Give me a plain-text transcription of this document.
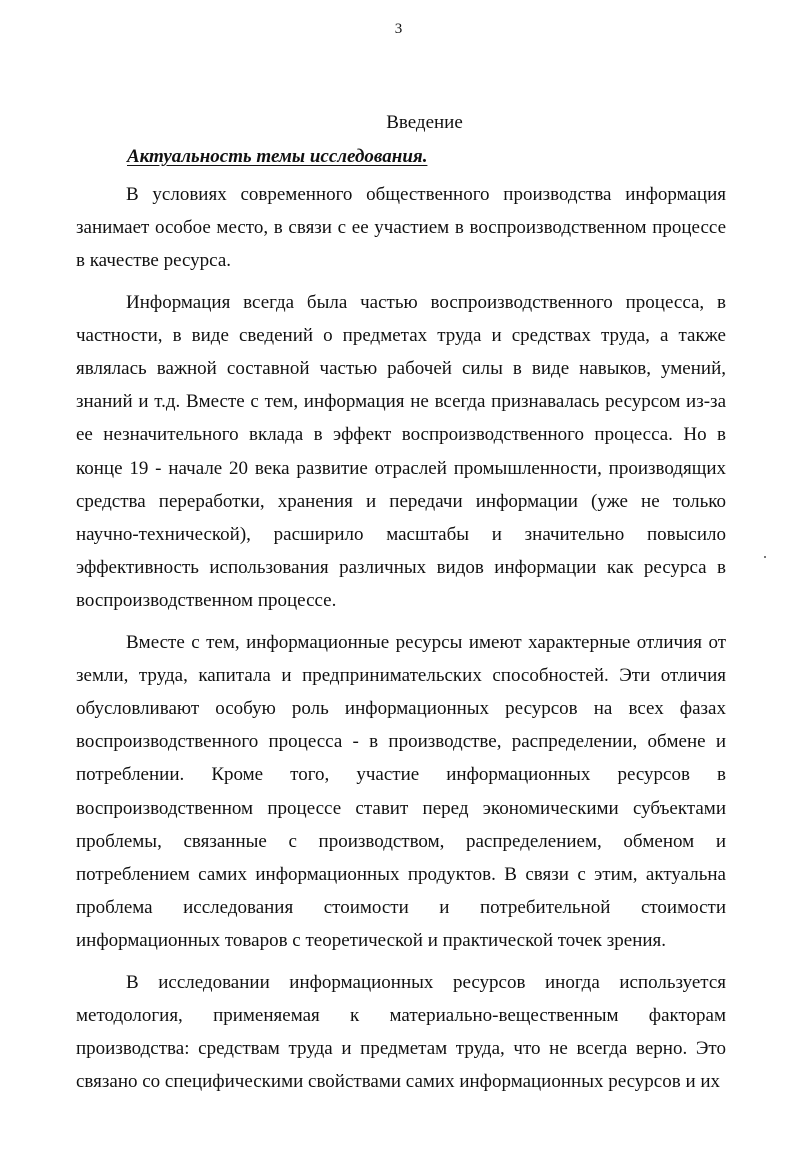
3
Введение
Актуальность темы исследования.

В условиях современного общественного производства информация занимает особое место, в связи с ее участием в воспроизводственном процессе в качестве ресурса.

Информация всегда была частью воспроизводственного процесса, в частности, в виде сведений о предметах труда и средствах труда, а также являлась важной составной частью рабочей силы в виде навыков, умений, знаний и т.д. Вместе с тем, информация не всегда признавалась ресурсом из-за ее незначительного вклада в эффект воспроизводственного процесса. Но в конце 19 - начале 20 века развитие отраслей промышленности, производящих средства переработки, хранения и передачи информации (уже не только научно-технической), расширило масштабы и значительно повысило эффективность использования различных видов информации как ресурса в воспроизводственном процессе.

Вместе с тем, информационные ресурсы имеют характерные отличия от земли, труда, капитала и предпринимательских способностей. Эти отличия обусловливают особую роль информационных ресурсов на всех фазах воспроизводственного процесса - в производстве, распределении, обмене и потреблении. Кроме того, участие информационных ресурсов в воспроизводственном процессе ставит перед экономическими субъектами проблемы, связанные с производством, распределением, обменом и потреблением самих информационных продуктов. В связи с этим, актуальна проблема исследования стоимости и потребительной стоимости информационных товаров с теоретической и практической точек зрения.

В исследовании информационных ресурсов иногда используется методология, применяемая к материально-вещественным факторам производства: средствам труда и предметам труда, что не всегда верно. Это связано со специфическими свойствами самих информационных ресурсов и их
